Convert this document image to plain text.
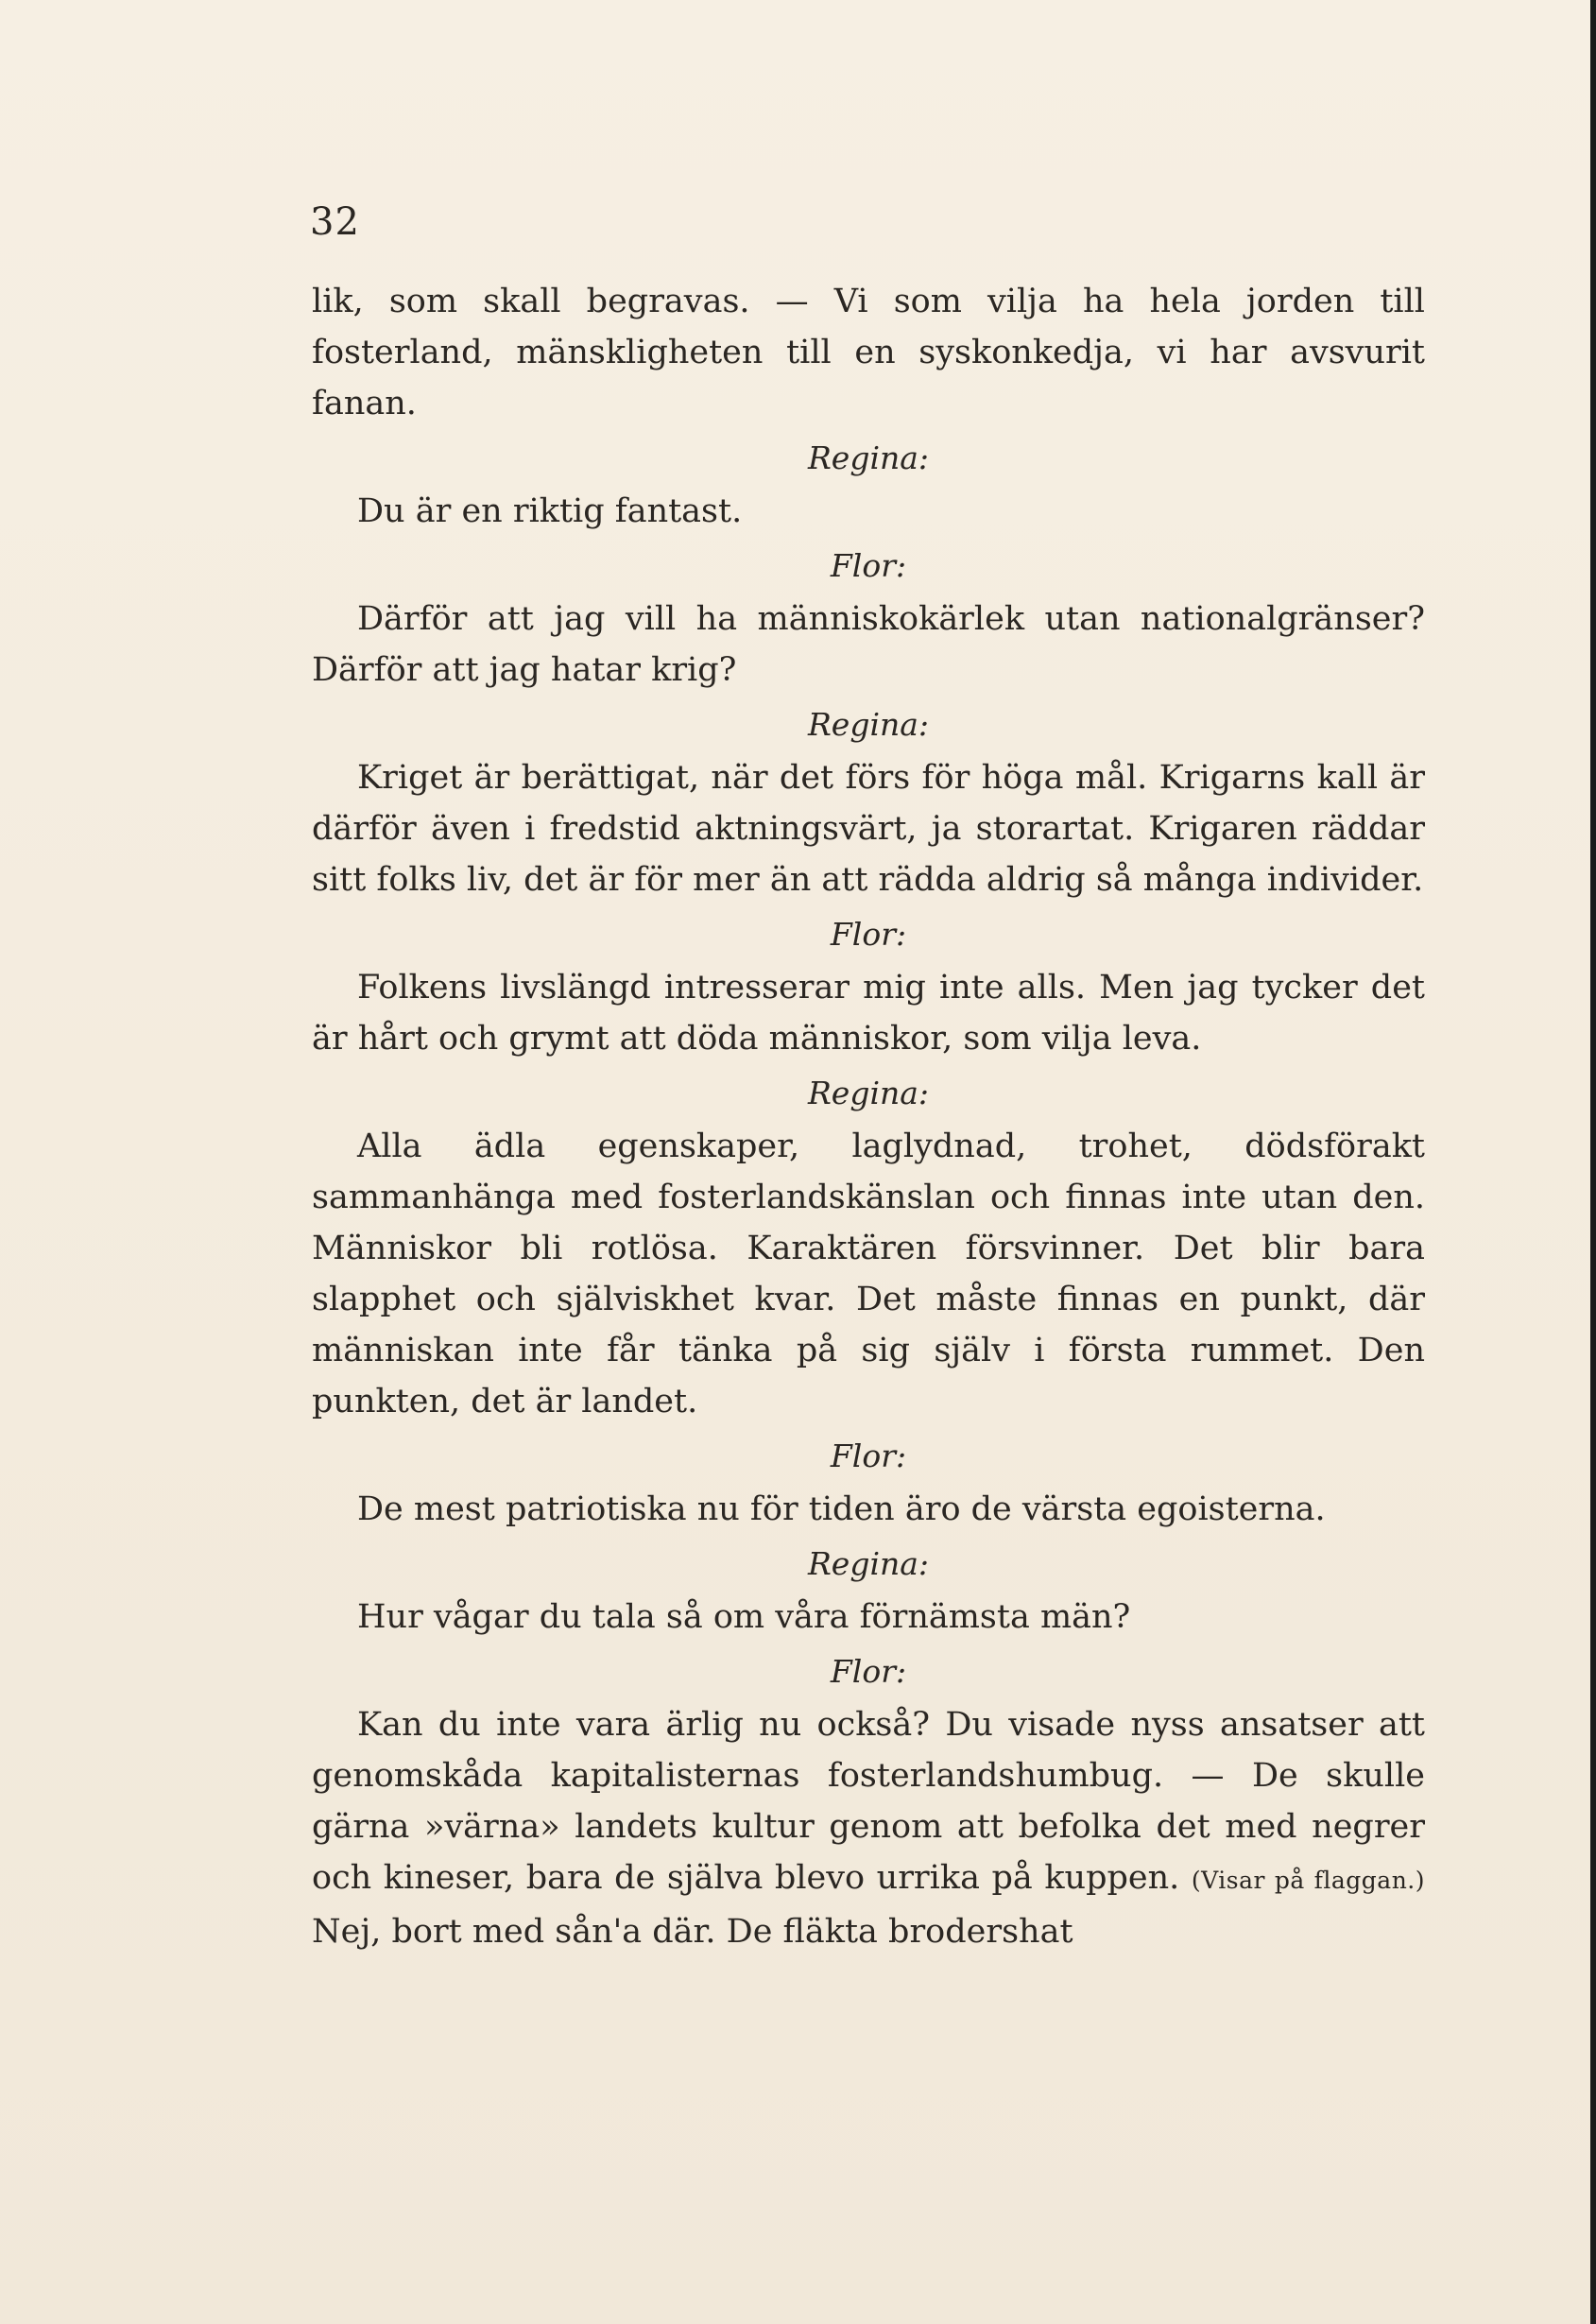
32

lik, som skall begravas. — Vi som vilja ha hela jorden till fosterland, mänskligheten till en syskonkedja, vi har avsvurit fanan.

Regina:

Du är en riktig fantast.

Flor:

Därför att jag vill ha människokärlek utan nationalgränser? Därför att jag hatar krig?

Regina:

Kriget är berättigat, när det förs för höga mål. Krigarns kall är därför även i fredstid aktningsvärt, ja storartat. Krigaren räddar sitt folks liv, det är för mer än att rädda aldrig så många individer.

Flor:

Folkens livslängd intresserar mig inte alls. Men jag tycker det är hårt och grymt att döda människor, som vilja leva.

Regina:

Alla ädla egenskaper, laglydnad, trohet, dödsförakt sammanhänga med fosterlandskänslan och finnas inte utan den. Människor bli rotlösa. Karaktären försvinner. Det blir bara slapphet och själviskhet kvar. Det måste finnas en punkt, där människan inte får tänka på sig själv i första rummet. Den punkten, det är landet.

Flor:

De mest patriotiska nu för tiden äro de värsta egoisterna.

Regina:

Hur vågar du tala så om våra förnämsta män?

Flor:

Kan du inte vara ärlig nu också? Du visade nyss ansatser att genomskåda kapitalisternas fosterlandshumbug. — De skulle gärna »värna» landets kultur genom att befolka det med negrer och kineser, bara de själva blevo urrika på kuppen. (Visar på flaggan.) Nej, bort med sån'a där. De fläkta brodershat
